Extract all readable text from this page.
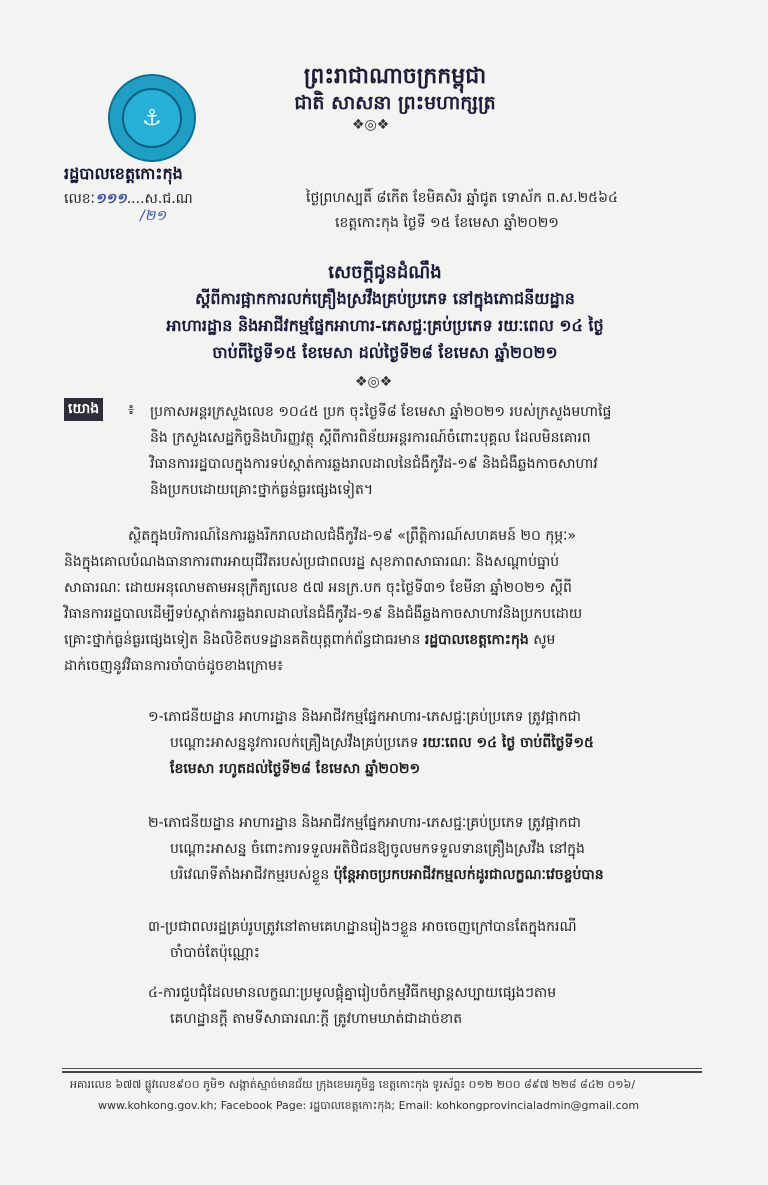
⚓
ព្រះរាជាណាចក្រកម្ពុជា
ជាតិ សាសនា ព្រះមហាក្សត្រ
❖◎❖
រដ្ឋបាលខេត្តកោះកុង
លេខៈ១១១....ស.ជ.ណ
/២១
ថ្ងៃព្រហស្បតិ៍ ៨កើត ខែមិគសិរ ឆ្នាំជូត ទោស័ក ព.ស.២៥៦៤
ខេត្តកោះកុង ថ្ងៃទី ១៥ ខែមេសា ឆ្នាំ២០២១
សេចក្តីជូនដំណឹង
ស្តីពីការផ្អាកការលក់គ្រឿងស្រវឹងគ្រប់ប្រភេទ នៅក្នុងភោជនីយដ្ឋាន
អាហារដ្ឋាន និងអាជីវកម្មផ្នែកអាហារ-ភេសជ្ជៈគ្រប់ប្រភេទ រយៈពេល ១៤ ថ្ងៃ
ចាប់ពីថ្ងៃទី១៥ ខែមេសា ដល់ថ្ងៃទី២៨ ខែមេសា ឆ្នាំ២០២១
❖◎❖
យោង ៖ ប្រកាសអន្តរក្រសួងលេខ ១០៤៥ ប្រក ចុះថ្ងៃទី៨ ខែមេសា ឆ្នាំ២០២១ របស់ក្រសួងមហាផ្ទៃ
និង ក្រសួងសេដ្ឋកិច្ចនិងហិរញ្ញវត្ថុ ស្តីពីការពិន័យអន្តរការណ៍ចំពោះបុគ្គល ដែលមិនគោរព
វិធានការរដ្ឋបាលក្នុងការទប់ស្កាត់ការឆ្លងរាលដាលនៃជំងឺកូវីដ-១៩ និងជំងឺឆ្លងកាចសាហាវ
និងប្រកបដោយគ្រោះថ្នាក់ធ្ងន់ធ្ងរផ្សេងទៀត។
ស្ថិតក្នុងបរិការណ៍នៃការឆ្លងរីករាលដាលជំងឺកូវីដ-១៩ «ព្រឹត្តិការណ៍សហគមន៍ ២០ កុម្ភៈ»
និងក្នុងគោលបំណងធានាការពារអាយុជីវិតរបស់ប្រជាពលរដ្ឋ សុខភាពសាធារណៈ និងសណ្តាប់ធ្នាប់
សាធារណៈ ដោយអនុលោមតាមអនុក្រឹត្យលេខ ៥៧ អនក្រ.បក ចុះថ្ងៃទី៣១ ខែមីនា ឆ្នាំ២០២១ ស្តីពី
វិធានការរដ្ឋបាលដើម្បីទប់ស្កាត់ការឆ្លងរាលដាលនៃជំងឺកូវីដ-១៩ និងជំងឺឆ្លងកាចសាហាវនិងប្រកបដោយ
គ្រោះថ្នាក់ធ្ងន់ធ្ងរផ្សេងទៀត និងលិខិតបទដ្ឋានគតិយុត្តពាក់ព័ន្ធជាធរមាន រដ្ឋបាលខេត្តកោះកុង សូម
ដាក់ចេញនូវវិធានការចាំបាច់ដូចខាងក្រោម៖
១-ភោជនីយដ្ឋាន អាហារដ្ឋាន និងអាជីវកម្មផ្នែកអាហារ-ភេសជ្ជៈគ្រប់ប្រភេទ ត្រូវផ្អាកជា
បណ្តោះអាសន្ននូវការលក់គ្រឿងស្រវឹងគ្រប់ប្រភេទ រយៈពេល ១៤ ថ្ងៃ ចាប់ពីថ្ងៃទី១៥
ខែមេសា រហូតដល់ថ្ងៃទី២៨ ខែមេសា ឆ្នាំ២០២១
២-ភោជនីយដ្ឋាន អាហារដ្ឋាន និងអាជីវកម្មផ្នែកអាហារ-ភេសជ្ជៈគ្រប់ប្រភេទ ត្រូវផ្អាកជា
បណ្តោះអាសន្ន ចំពោះការទទួលអតិថិជនឱ្យចូលមកទទួលទានគ្រឿងស្រវឹង នៅក្នុង
បរិវេណទីតាំងអាជីវកម្មរបស់ខ្លួន ប៉ុន្តែអាចប្រកបអាជីវកម្មលក់ដូរជាលក្ខណៈវេចខ្ចប់បាន
៣-ប្រជាពលរដ្ឋគ្រប់រូបត្រូវនៅតាមគេហដ្ឋានរៀងៗខ្លួន អាចចេញក្រៅបានតែក្នុងករណី
ចាំបាច់តែប៉ុណ្ណោះ
៤-ការជួបជុំដែលមានលក្ខណៈប្រមូលផ្តុំគ្នារៀបចំកម្មវិធីកម្សាន្តសប្បាយផ្សេងៗតាម
គេហដ្ឋានក្តី តាមទីសាធារណៈក្តី ត្រូវហាមឃាត់ជាដាច់ខាត
អគារលេខ ៦៧៧ ផ្លូវលេខ៩០០ ភូមិ១ សង្កាត់ស្មាច់មានជ័យ ក្រុងខេមរភូមិន្ទ ខេត្តកោះកុង ទូរស័ព្ទ៖ ០១២ ២០០ ៨៩៧ ២២៨ ៨៤២ ០១៦/
www.kohkong.gov.kh; Facebook Page: រដ្ឋបាលខេត្តកោះកុង; Email: kohkongprovincialadmin@gmail.com
